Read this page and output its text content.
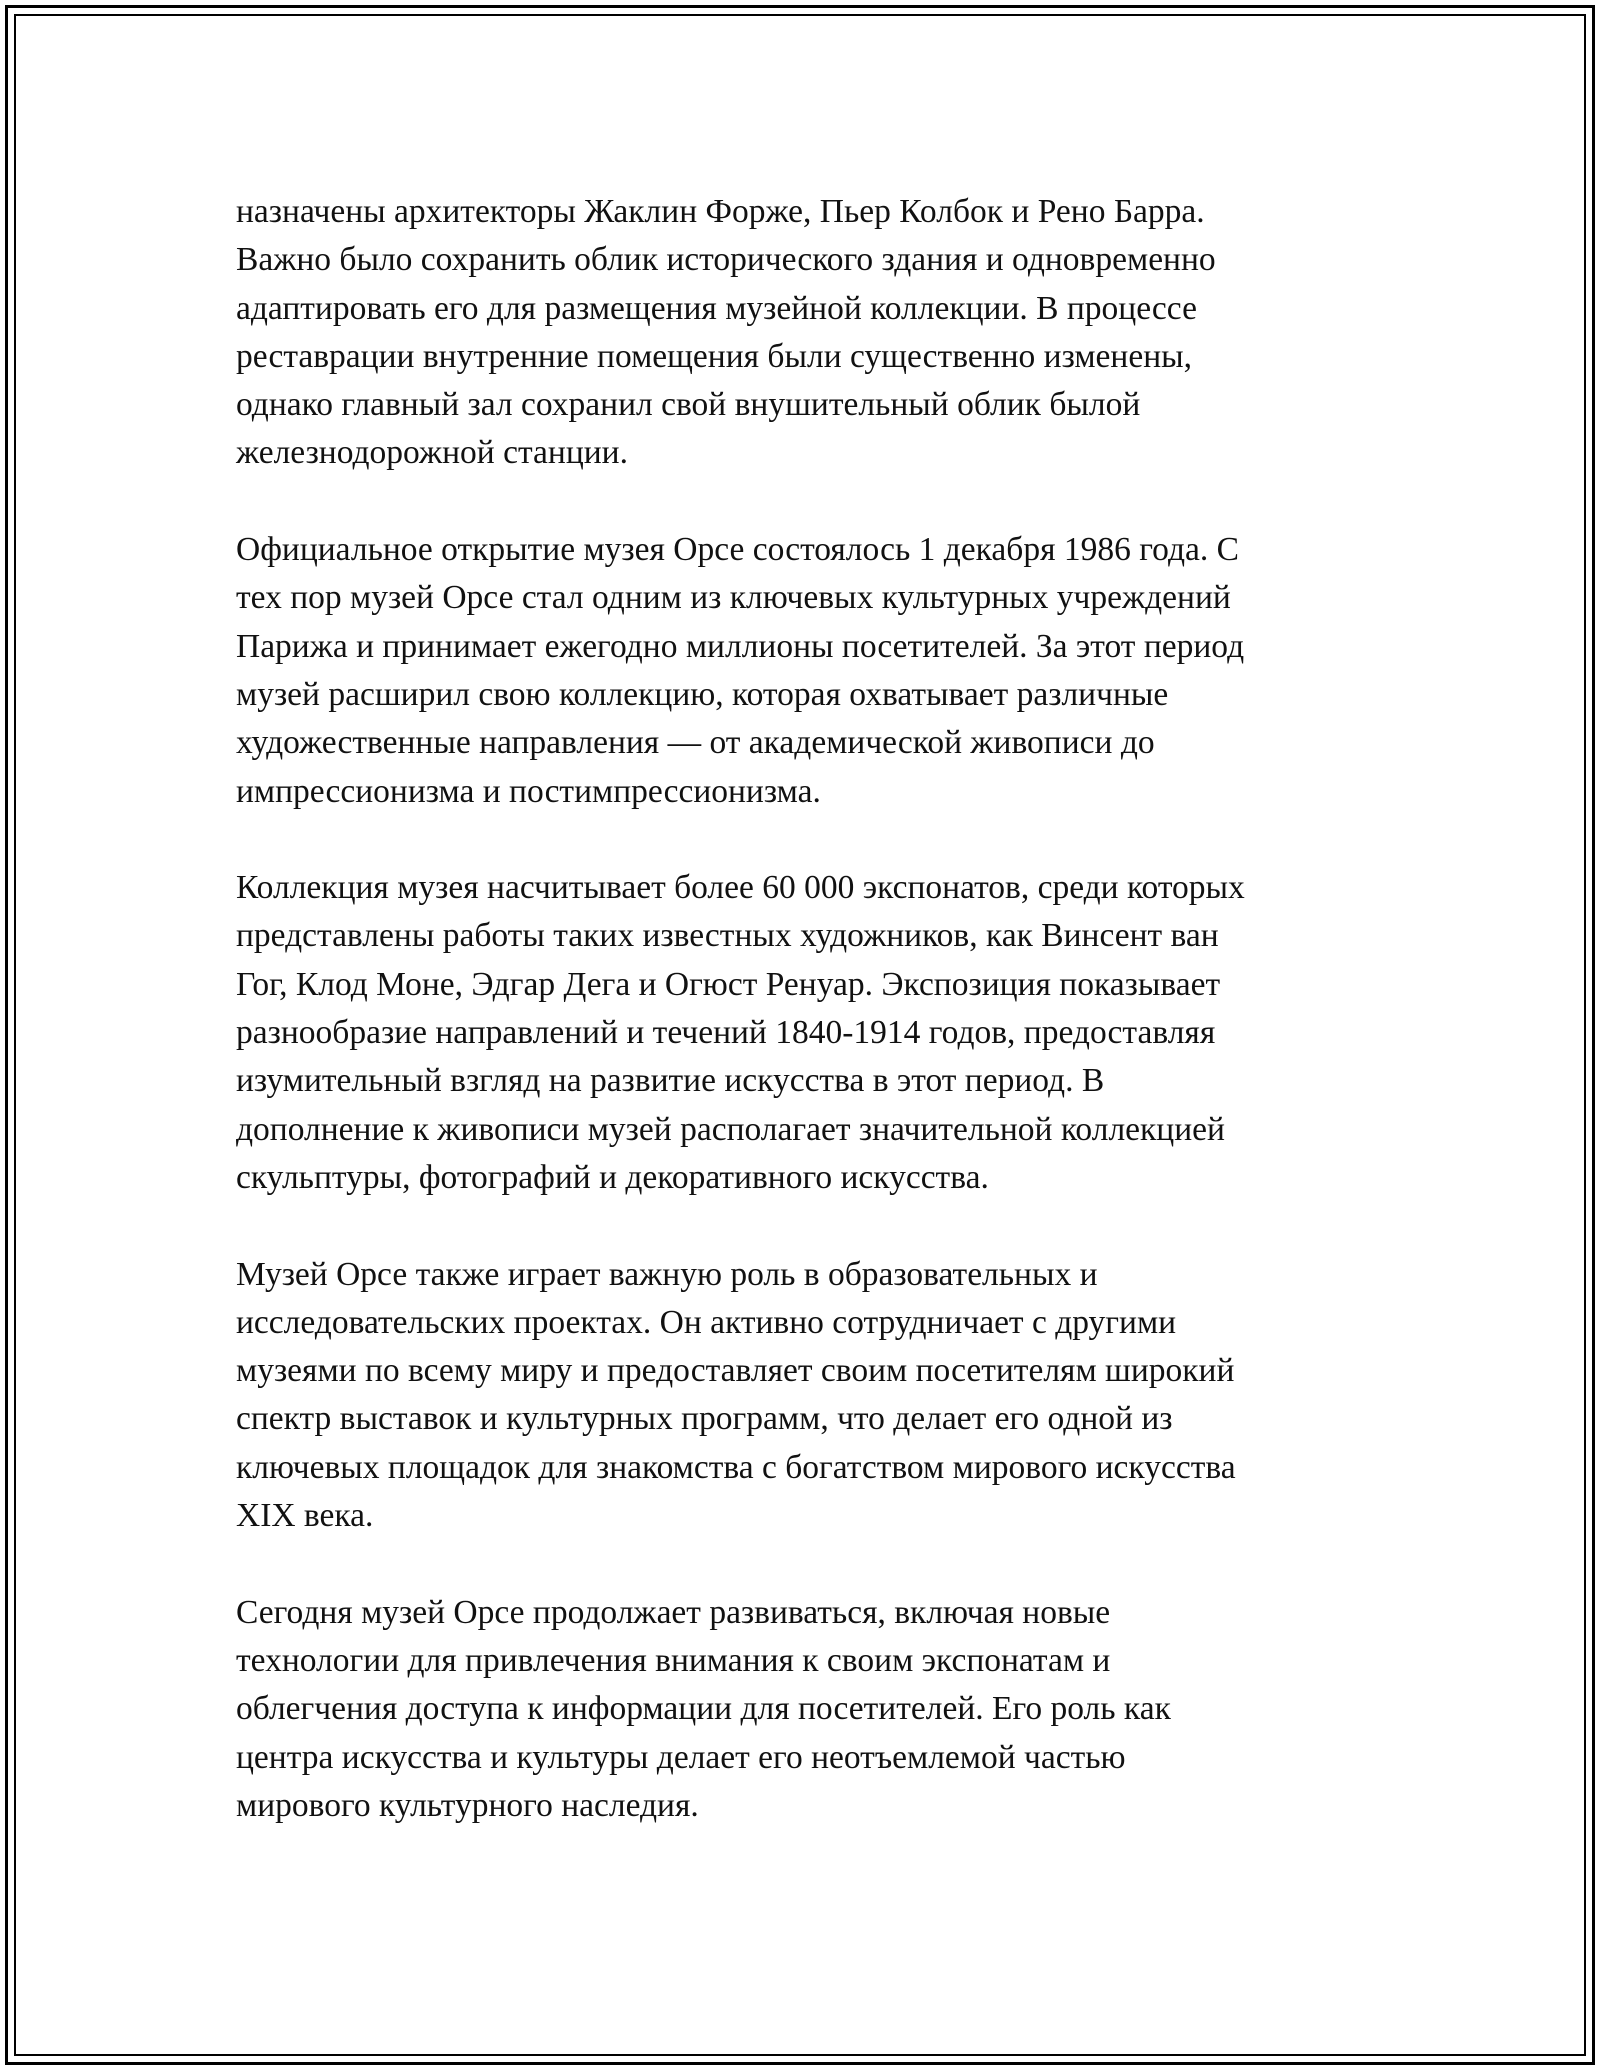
назначены архитекторы Жаклин Форже, Пьер Колбок и Рено Барра.
Важно было сохранить облик исторического здания и одновременно
адаптировать его для размещения музейной коллекции. В процессе
реставрации внутренние помещения были существенно изменены,
однако главный зал сохранил свой внушительный облик былой
железнодорожной станции.

Официальное открытие музея Орсе состоялось 1 декабря 1986 года. С
тех пор музей Орсе стал одним из ключевых культурных учреждений
Парижа и принимает ежегодно миллионы посетителей. За этот период
музей расширил свою коллекцию, которая охватывает различные
художественные направления — от академической живописи до
импрессионизма и постимпрессионизма.

Коллекция музея насчитывает более 60 000 экспонатов, среди которых
представлены работы таких известных художников, как Винсент ван
Гог, Клод Моне, Эдгар Дега и Огюст Ренуар. Экспозиция показывает
разнообразие направлений и течений 1840-1914 годов, предоставляя
изумительный взгляд на развитие искусства в этот период. В
дополнение к живописи музей располагает значительной коллекцией
скульптуры, фотографий и декоративного искусства.

Музей Орсе также играет важную роль в образовательных и
исследовательских проектах. Он активно сотрудничает с другими
музеями по всему миру и предоставляет своим посетителям широкий
спектр выставок и культурных программ, что делает его одной из
ключевых площадок для знакомства с богатством мирового искусства
XIX века.

Сегодня музей Орсе продолжает развиваться, включая новые
технологии для привлечения внимания к своим экспонатам и
облегчения доступа к информации для посетителей. Его роль как
центра искусства и культуры делает его неотъемлемой частью
мирового культурного наследия.
